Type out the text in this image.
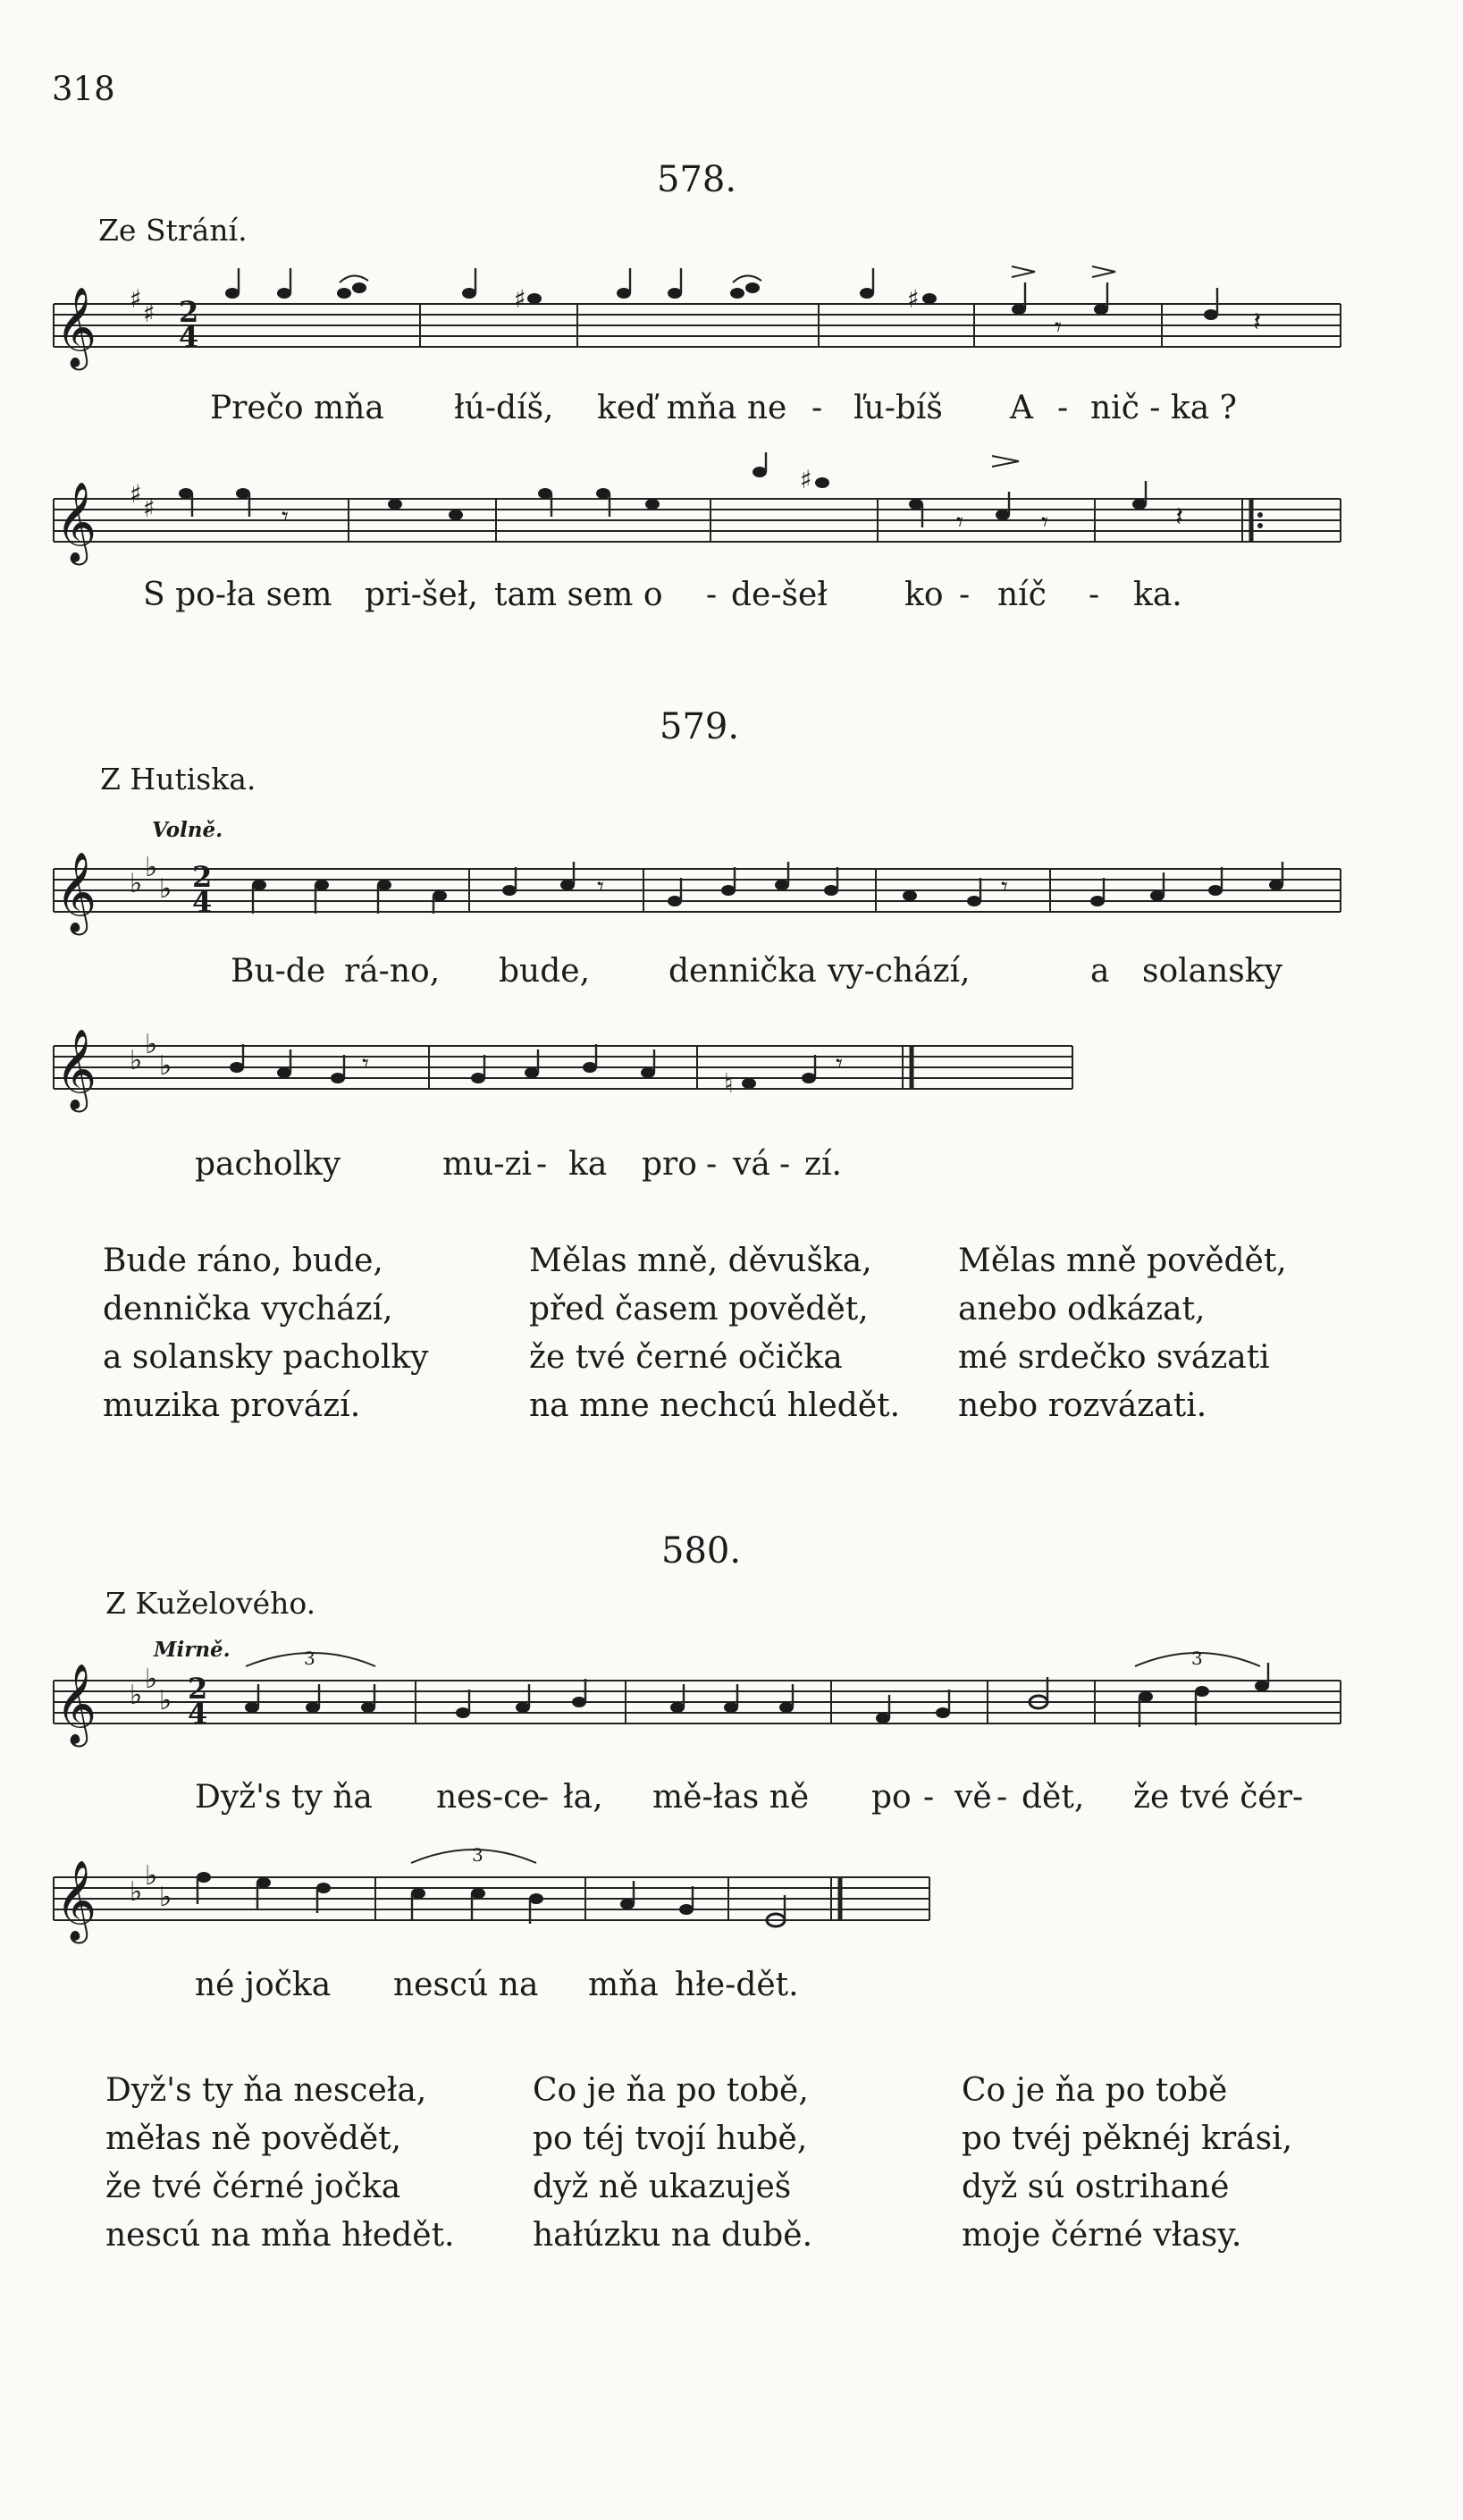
318
578.
Ze Strání.
𝄞 ♯ ♯ 2
4
♯	♯
𝄾	𝄽
Prečo mňa łú-díš, keď mňa ne - ľu-bíš A - nič - ka ?
𝄞 ♯ ♯	𝄾
♯
𝄾	𝄾	𝄽
S po-ła sem pri-šeł, tam sem o - de-šeł ko - níč - ka.
579.
Z Hutiska.
Volně.
𝄞 ♭
♭
♭ 2
4	𝄾	𝄾
Bu-de rá-no, bude, dennička vy-chází,	a solansky
𝄞 ♭
♭
♭	𝄾
♮
𝄾
pacholky	mu-zi - ka pro - vá - zí.
Bude ráno, bude,
dennička vychází,
a solansky pacholky
muzika provází.
Mělas mně, děvuška,
před časem povědět,
že tvé černé očička
na mne nechcú hledět.
Mělas mně povědět,
anebo odkázat,
mé srdečko svázati
nebo rozvázati.
580.
Z Kuželového.
Mirně.
𝄞 ♭
♭
♭ 2
4
3	3
Dyž's ty ňa nes-ce
- ła, mě-łas ně po - vě - dět, že tvé čér-
𝄞 ♭
♭
♭
3
né jočka nescú na mňa hłe-dět.
Dyž's ty ňa nesceła,
měłas ně povědět,
že tvé čérné jočka
nescú na mňa hłedět.
Co je ňa po tobě,
po téj tvojí hubě,
dyž ně ukazuješ
hałúzku na dubě.
Co je ňa po tobě
po tvéj pěknéj krási,
dyž sú ostrihané
moje čérné vłasy.
